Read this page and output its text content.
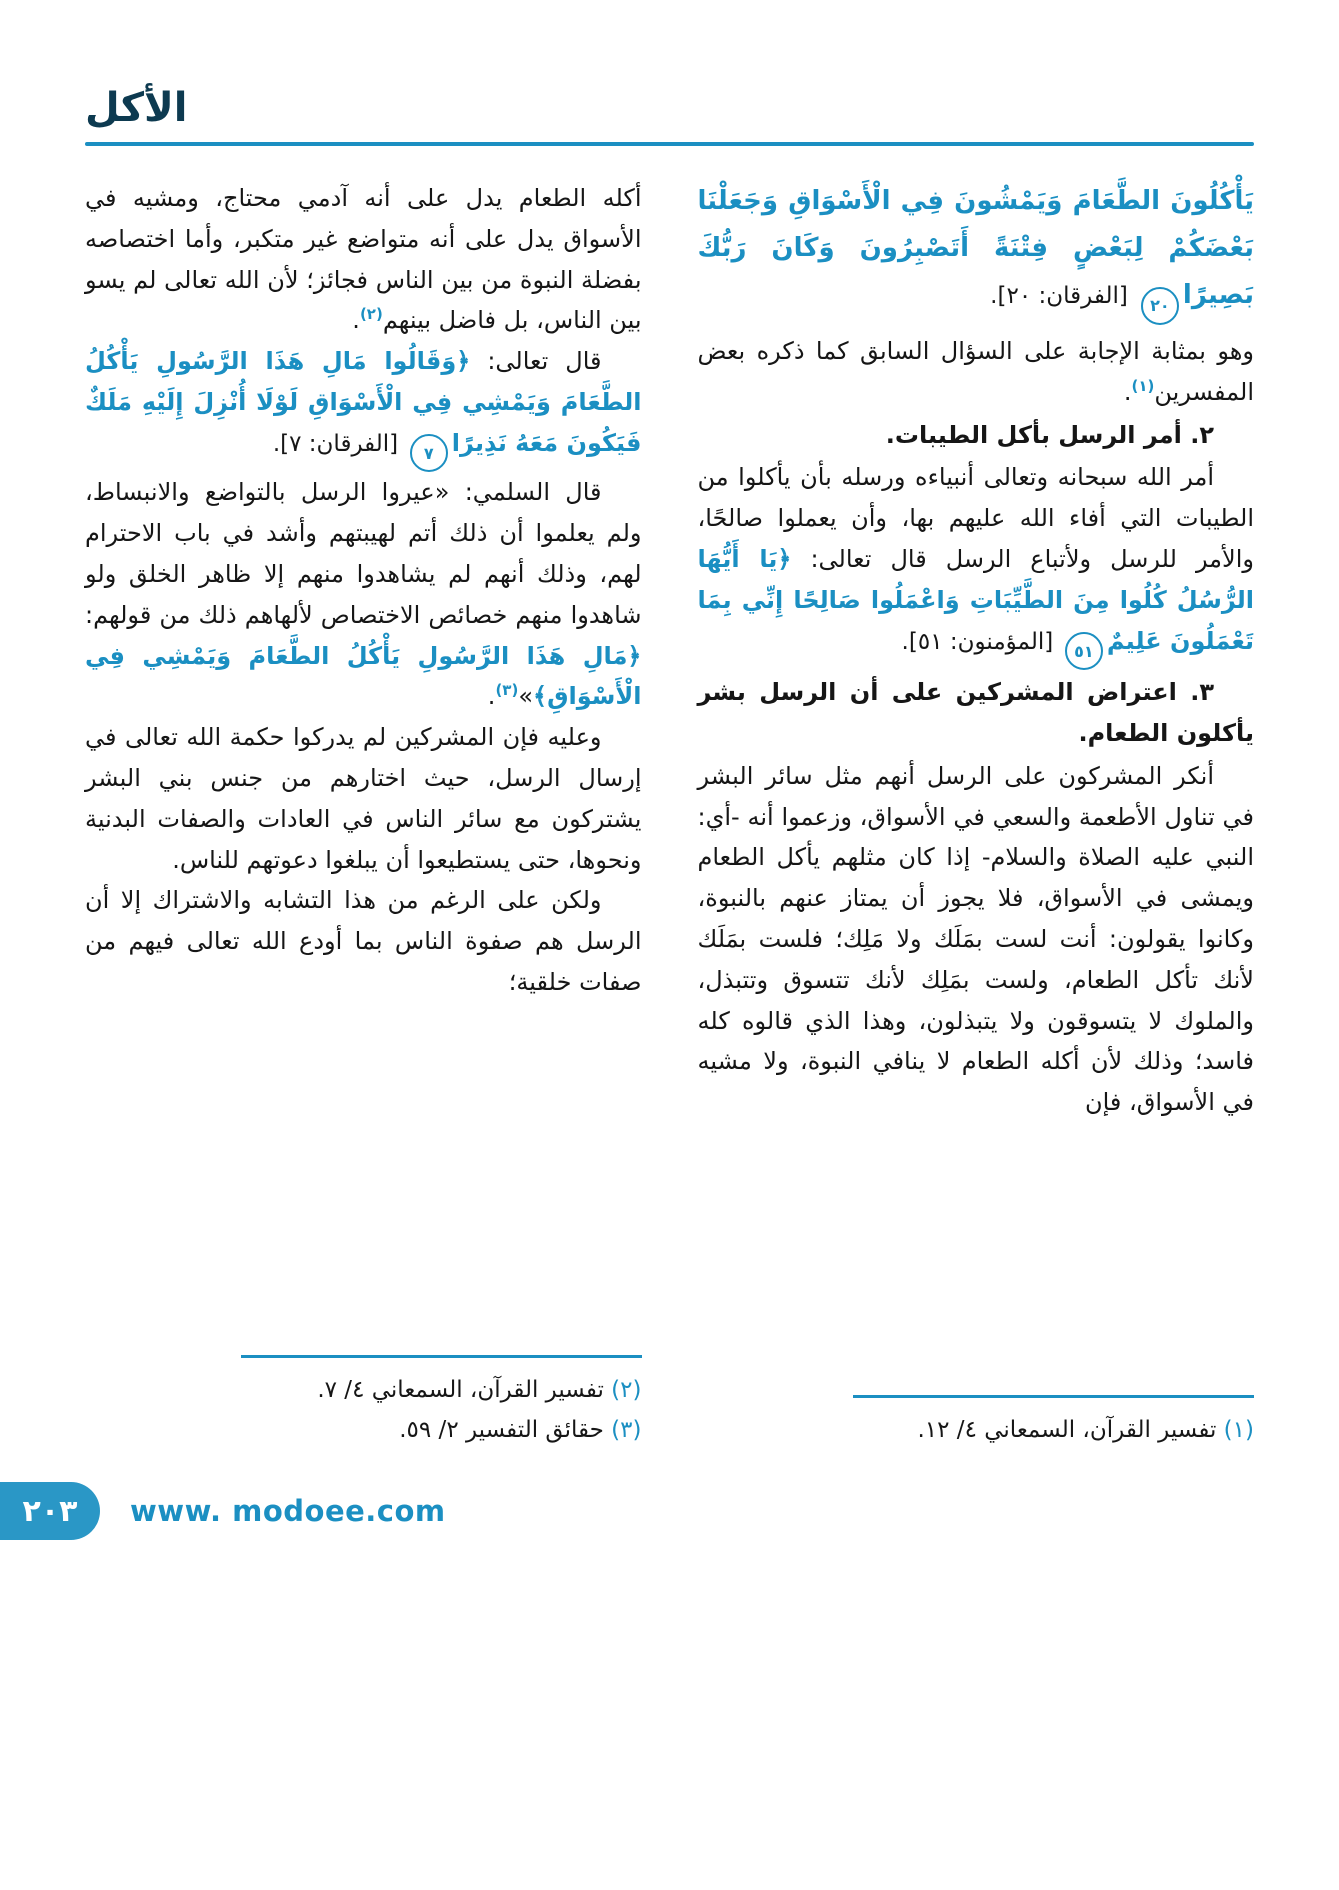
الأكل

يَأْكُلُونَ الطَّعَامَ وَيَمْشُونَ فِي الْأَسْوَاقِ وَجَعَلْنَا بَعْضَكُمْ لِبَعْضٍ فِتْنَةً أَتَصْبِرُونَ وَكَانَ رَبُّكَ بَصِيرًا٢٠ [الفرقان: ٢٠].

وهو بمثابة الإجابة على السؤال السابق كما ذكره بعض المفسرين$^{(١)}$.

٢. أمر الرسل بأكل الطيبات.

أمر الله سبحانه وتعالى أنبياءه ورسله بأن يأكلوا من الطيبات التي أفاء الله عليهم بها، وأن يعملوا صالحًا، والأمر للرسل ولأتباع الرسل قال تعالى: ﴿يَا أَيُّهَا الرُّسُلُ كُلُوا مِنَ الطَّيِّبَاتِ وَاعْمَلُوا صَالِحًا إِنِّي بِمَا تَعْمَلُونَ عَلِيمٌ٥١ [المؤمنون: ٥١].

٣. اعتراض المشركين على أن الرسل بشر يأكلون الطعام.

أنكر المشركون على الرسل أنهم مثل سائر البشر في تناول الأطعمة والسعي في الأسواق، وزعموا أنه -أي: النبي عليه الصلاة والسلام- إذا كان مثلهم يأكل الطعام ويمشى في الأسواق، فلا يجوز أن يمتاز عنهم بالنبوة، وكانوا يقولون: أنت لست بمَلَك ولا مَلِك؛ فلست بمَلَك لأنك تأكل الطعام، ولست بمَلِك لأنك تتسوق وتتبذل، والملوك لا يتسوقون ولا يتبذلون، وهذا الذي قالوه كله فاسد؛ وذلك لأن أكله الطعام لا ينافي النبوة، ولا مشيه في الأسواق، فإن

(١) تفسير القرآن، السمعاني ٤/ ١٢.

أكله الطعام يدل على أنه آدمي محتاج، ومشيه في الأسواق يدل على أنه متواضع غير متكبر، وأما اختصاصه بفضلة النبوة من بين الناس فجائز؛ لأن الله تعالى لم يسو بين الناس، بل فاضل بينهم$^{(٢)}$.

قال تعالى: ﴿وَقَالُوا مَالِ هَذَا الرَّسُولِ يَأْكُلُ الطَّعَامَ وَيَمْشِي فِي الْأَسْوَاقِ لَوْلَا أُنْزِلَ إِلَيْهِ مَلَكٌ فَيَكُونَ مَعَهُ نَذِيرًا٧ [الفرقان: ٧].

قال السلمي: «عيروا الرسل بالتواضع والانبساط، ولم يعلموا أن ذلك أتم لهيبتهم وأشد في باب الاحترام لهم، وذلك أنهم لم يشاهدوا منهم إلا ظاهر الخلق ولو شاهدوا منهم خصائص الاختصاص لألهاهم ذلك من قولهم: ﴿مَالِ هَذَا الرَّسُولِ يَأْكُلُ الطَّعَامَ وَيَمْشِي فِي الْأَسْوَاقِ﴾»$^{(٣)}$.

وعليه فإن المشركين لم يدركوا حكمة الله تعالى في إرسال الرسل، حيث اختارهم من جنس بني البشر يشتركون مع سائر الناس في العادات والصفات البدنية ونحوها، حتى يستطيعوا أن يبلغوا دعوتهم للناس.

ولكن على الرغم من هذا التشابه والاشتراك إلا أن الرسل هم صفوة الناس بما أودع الله تعالى فيهم من صفات خلقية؛

(٢) تفسير القرآن، السمعاني ٤/ ٧.

(٣) حقائق التفسير ٢/ ٥٩.

٢٠٣ www. modoee.com
